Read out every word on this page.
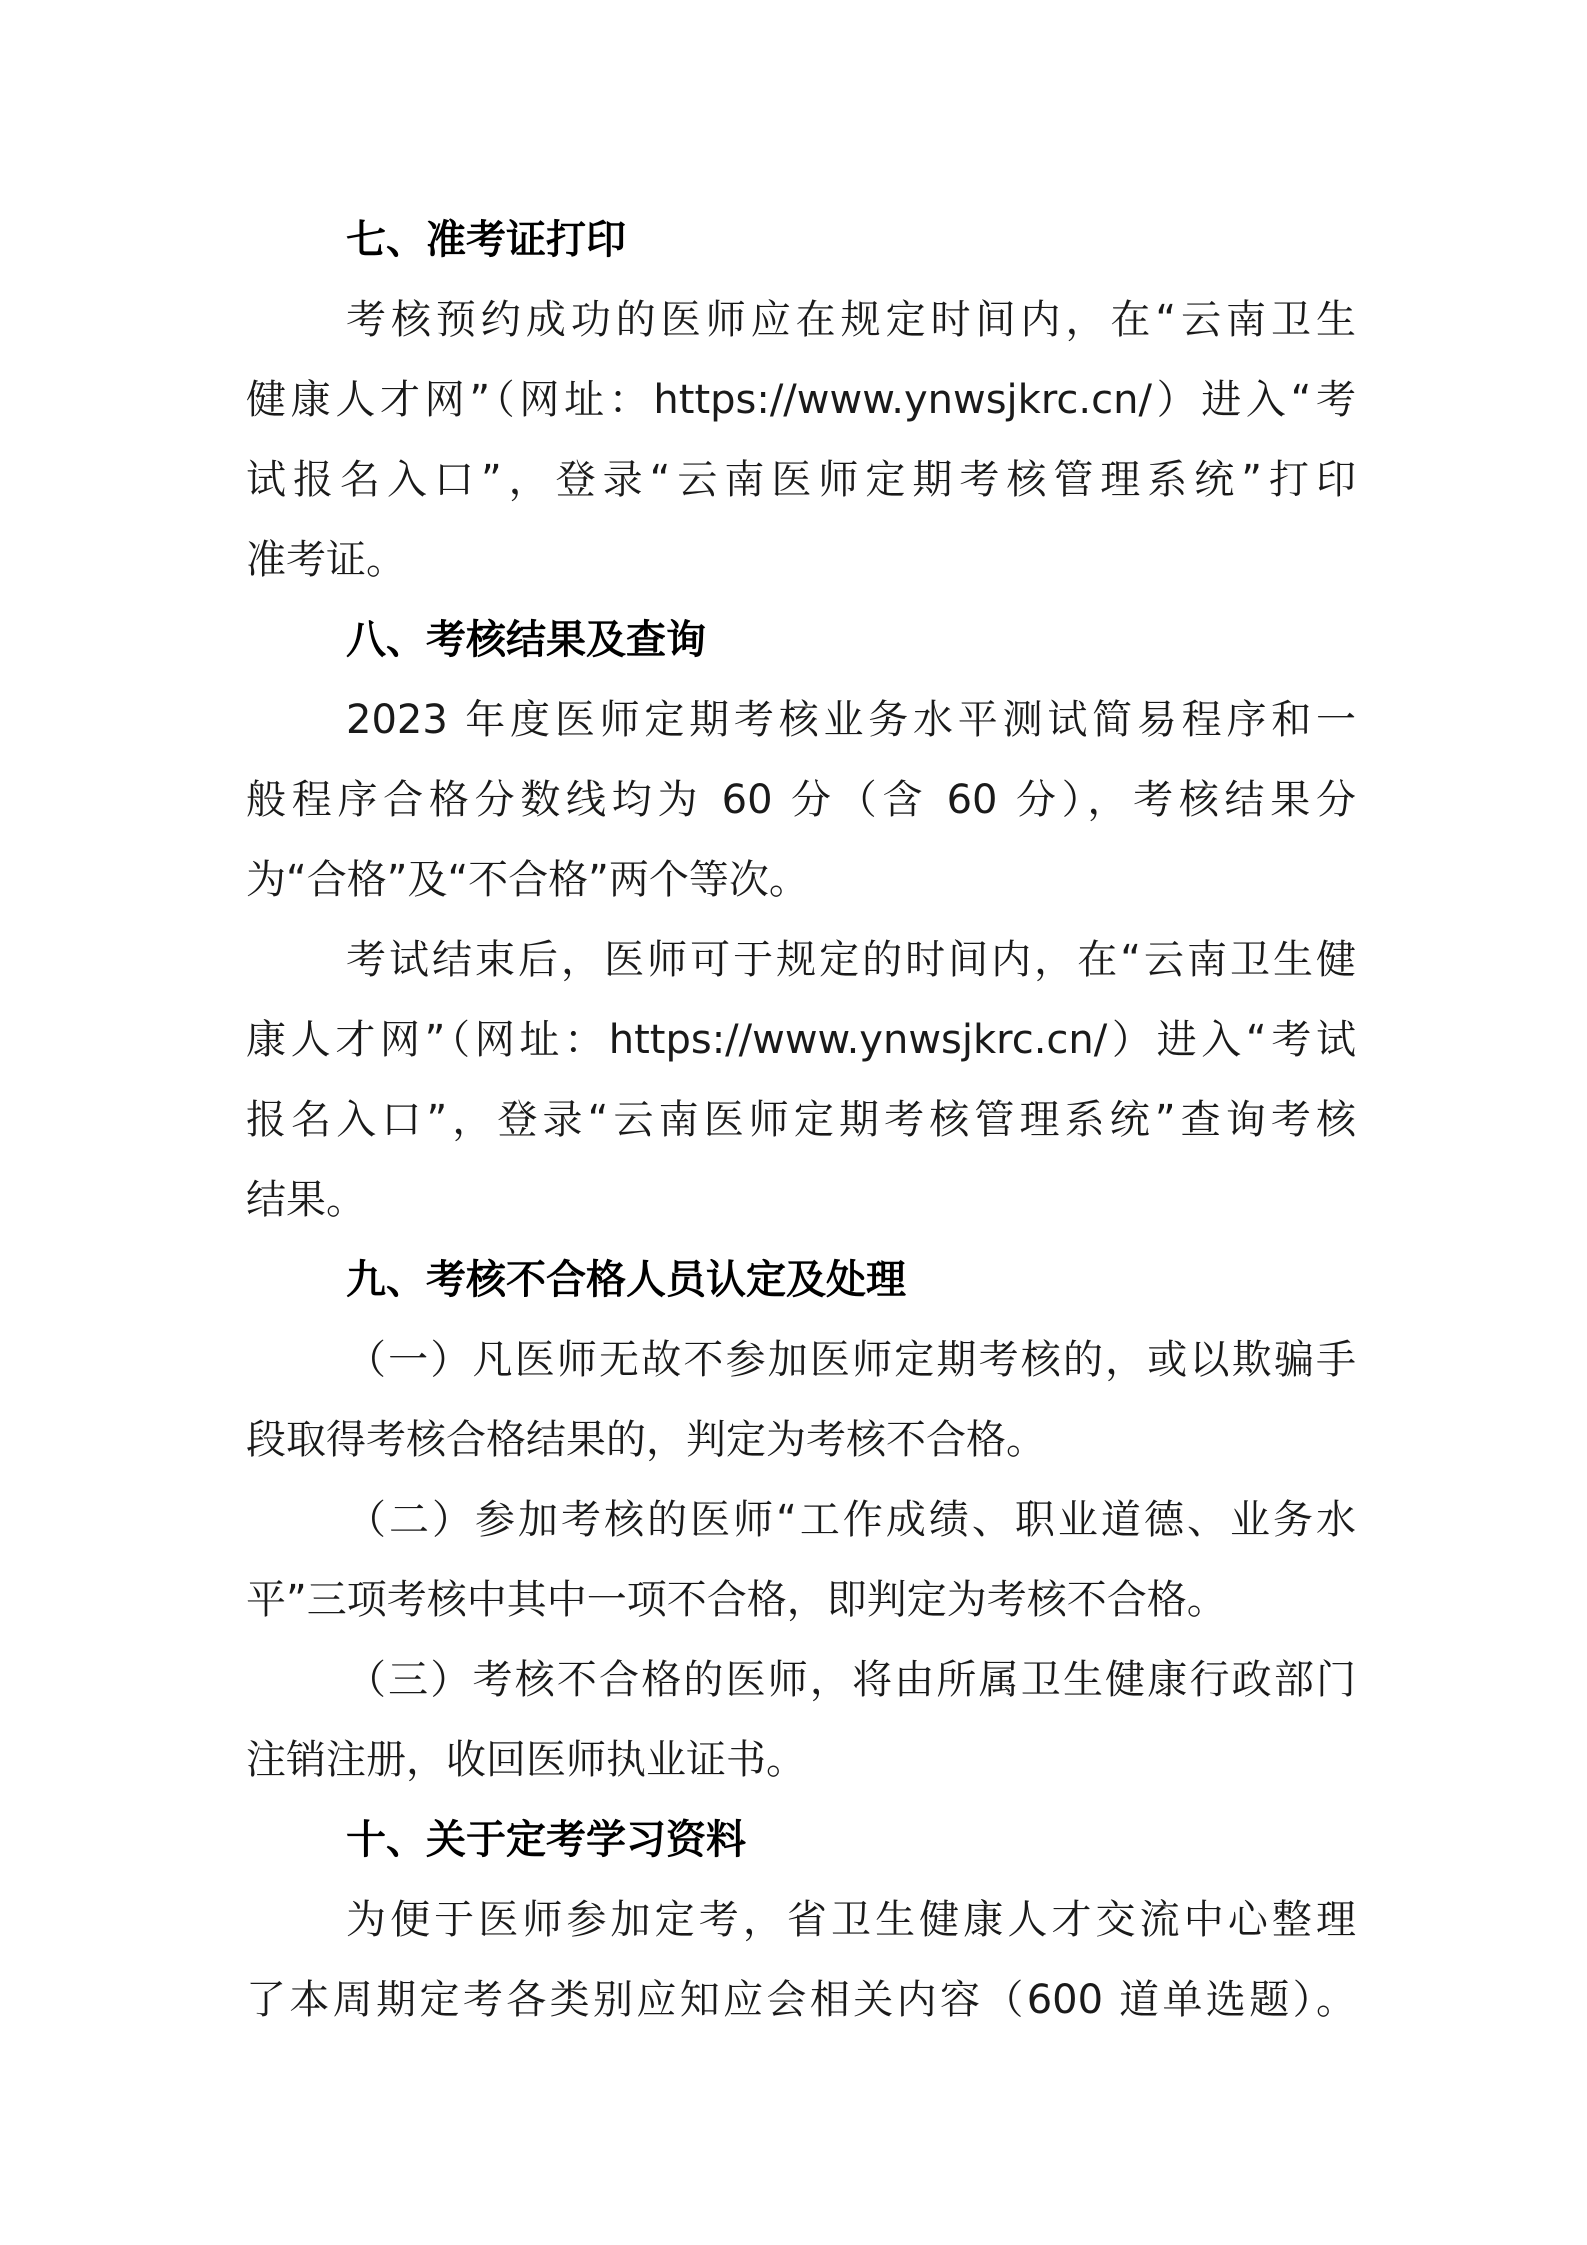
七、准考证打印
考核预约成功的医师应在规定时间内，在“云南卫生
健康人才网”（网址：https://www.ynwsjkrc.cn/）进入“考
试报名入口”，登录“云南医师定期考核管理系统”打印
准考证。
八、考核结果及查询
2023 年度医师定期考核业务水平测试简易程序和一
般程序合格分数线均为 60 分（含 60 分），考核结果分
为“合格”及“不合格”两个等次。
考试结束后，医师可于规定的时间内，在“云南卫生健
康人才网”（网址：https://www.ynwsjkrc.cn/）进入“考试
报名入口”，登录“云南医师定期考核管理系统”查询考核
结果。
九、考核不合格人员认定及处理
（一）凡医师无故不参加医师定期考核的，或以欺骗手
段取得考核合格结果的，判定为考核不合格。
（二）参加考核的医师“工作成绩、职业道德、业务水
平”三项考核中其中一项不合格，即判定为考核不合格。
（三）考核不合格的医师，将由所属卫生健康行政部门
注销注册，收回医师执业证书。
十、关于定考学习资料
为便于医师参加定考，省卫生健康人才交流中心整理
了本周期定考各类别应知应会相关内容（600 道单选题）。
